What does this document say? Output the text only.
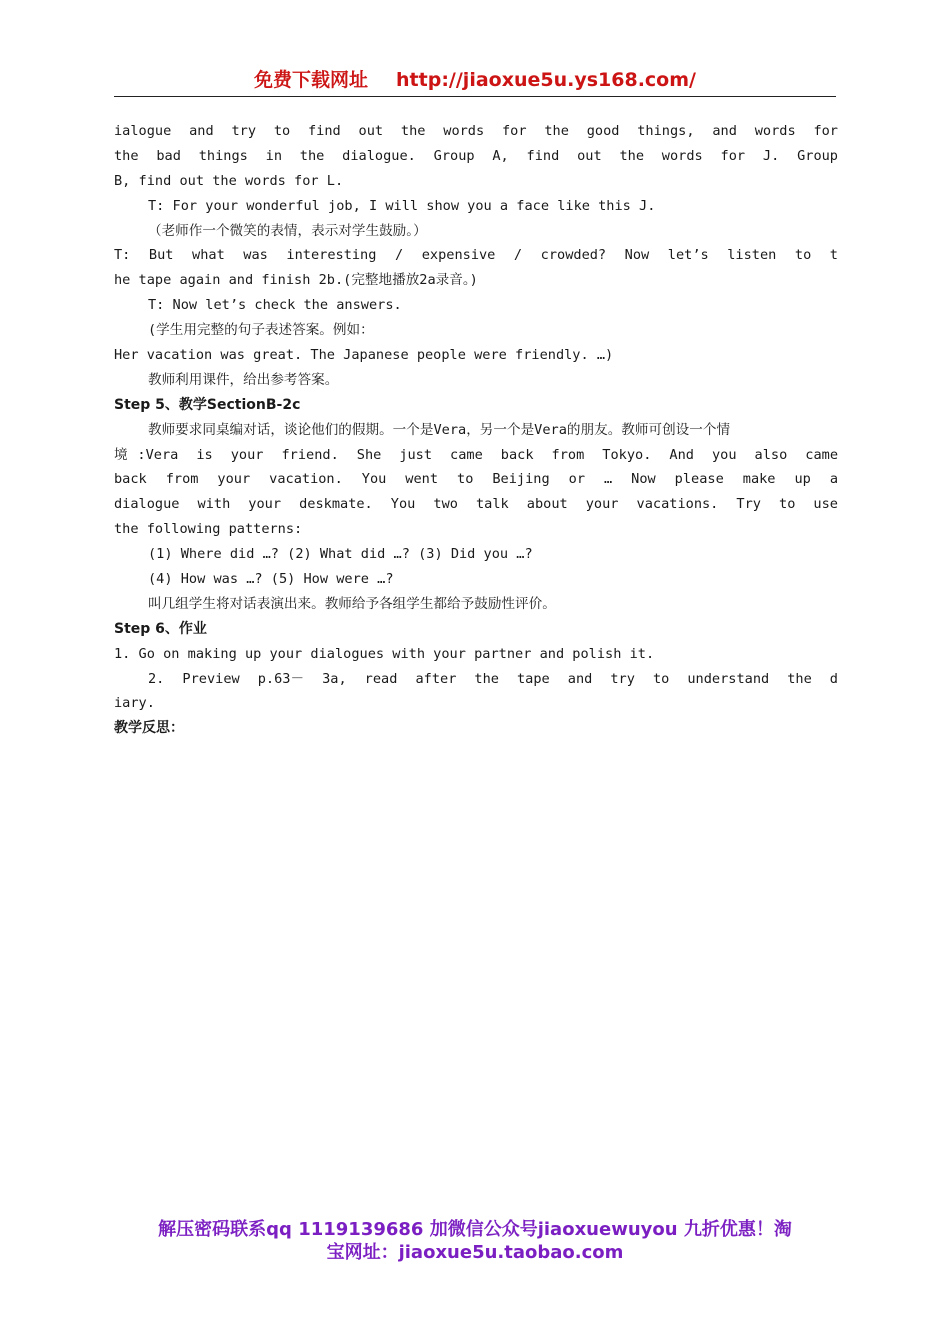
免费下载网址 http://jiaoxue5u.ys168.com/
ialogue and try to find out the words for the good things, and words for
the bad things in the dialogue. Group A, find out the words for J. Group
B, find out the words for L.
T: For your wonderful job, I will show you a face like this J.
（老师作一个微笑的表情，表示对学生鼓励。）
T: But what was interesting / expensive / crowded? Now let’s listen to t
he tape again and finish 2b.(完整地播放2a录音。)
T: Now let’s check the answers.
(学生用完整的句子表述答案。例如：
Her vacation was great. The Japanese people were friendly. …)
教师利用课件，给出参考答案。
Step 5、教学SectionB-2c
教师要求同桌编对话，谈论他们的假期。一个是Vera，另一个是Vera的朋友。教师可创设一个情
境:Vera is your friend. She just came back from Tokyo. And you also came
back from your vacation. You went to Beijing or … Now please make up a
dialogue with your deskmate. You two talk about your vacations. Try to use
the following patterns:
(1) Where did …? (2) What did …? (3) Did you …?
(4) How was …? (5) How were …?
叫几组学生将对话表演出来。教师给予各组学生都给予鼓励性评价。
Step 6、作业
1. Go on making up your dialogues with your partner and polish it.
2. Preview p.63－ 3a, read after the tape and try to understand the d
iary.
教学反思：
解压密码联系qq 1119139686 加微信公众号jiaoxuewuyou 九折优惠！淘
宝网址：jiaoxue5u.taobao.com
